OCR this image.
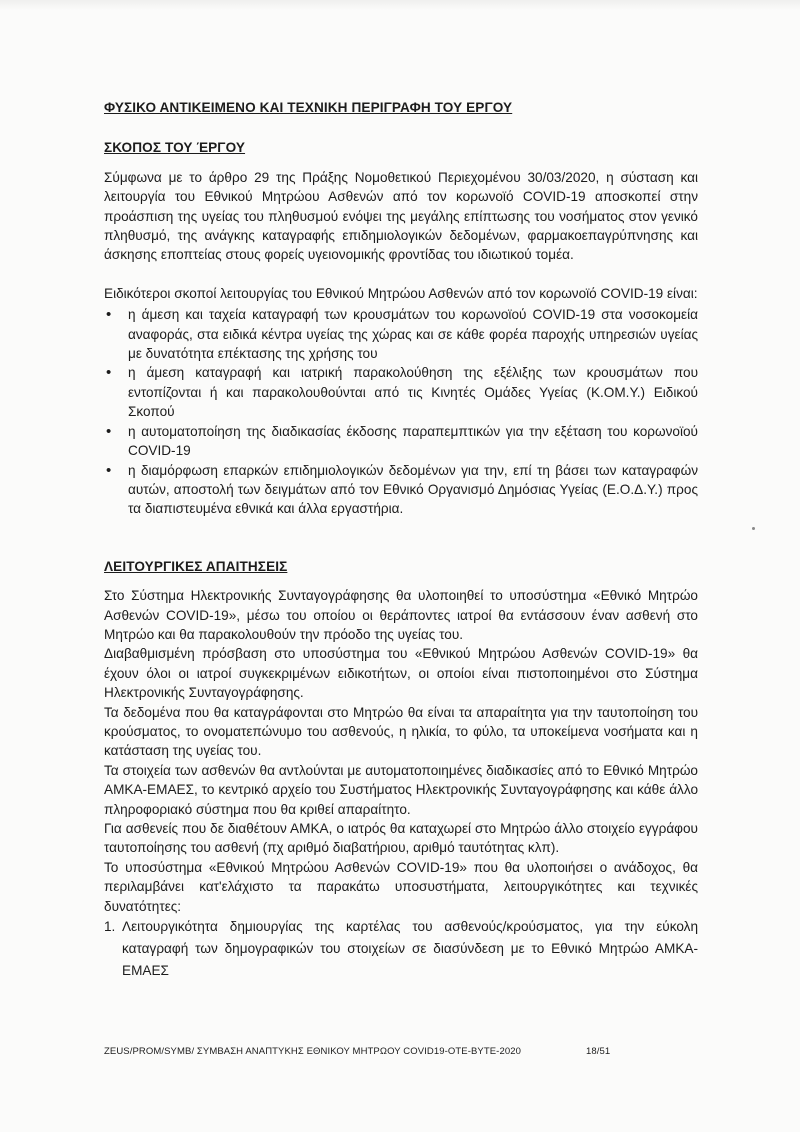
ΦΥΣΙΚΟ ΑΝΤΙΚΕΙΜΕΝΟ ΚΑΙ ΤΕΧΝΙΚΗ ΠΕΡΙΓΡΑΦΗ ΤΟΥ ΕΡΓΟΥ
ΣΚΟΠΟΣ ΤΟΥ ΈΡΓΟΥ

Σύμφωνα με το άρθρο 29 της Πράξης Νομοθετικού Περιεχομένου 30/03/2020, η σύσταση και λειτουργία του Εθνικού Μητρώου Ασθενών από τον κορωνοϊό COVID-19 αποσκοπεί στην προάσπιση της υγείας του πληθυσμού ενόψει της μεγάλης επίπτωσης του νοσήματος στον γενικό πληθυσμό, της ανάγκης καταγραφής επιδημιολογικών δεδομένων, φαρμακοεπαγρύπνησης και άσκησης εποπτείας στους φορείς υγειονομικής φροντίδας του ιδιωτικού τομέα.

Ειδικότεροι σκοποί λειτουργίας του Εθνικού Μητρώου Ασθενών από τον κορωνοϊό COVID-19 είναι:

• η άμεση και ταχεία καταγραφή των κρουσμάτων του κορωνοϊού COVID-19 στα νοσοκομεία αναφοράς, στα ειδικά κέντρα υγείας της χώρας και σε κάθε φορέα παροχής υπηρεσιών υγείας με δυνατότητα επέκτασης της χρήσης του
• η άμεση καταγραφή και ιατρική παρακολούθηση της εξέλιξης των κρουσμάτων που εντοπίζονται ή και παρακολουθούνται από τις Κινητές Ομάδες Υγείας (Κ.ΟΜ.Υ.) Ειδικού Σκοπού
• η αυτοματοποίηση της διαδικασίας έκδοσης παραπεμπτικών για την εξέταση του κορωνοϊού COVID-19
• η διαμόρφωση επαρκών επιδημιολογικών δεδομένων για την, επί τη βάσει των καταγραφών αυτών, αποστολή των δειγμάτων από τον Εθνικό Οργανισμό Δημόσιας Υγείας (Ε.Ο.Δ.Υ.) προς τα διαπιστευμένα εθνικά και άλλα εργαστήρια.
ΛΕΙΤΟΥΡΓΙΚΕΣ ΑΠΑΙΤΗΣΕΙΣ

Στο Σύστημα Ηλεκτρονικής Συνταγογράφησης θα υλοποιηθεί το υποσύστημα «Εθνικό Μητρώο Ασθενών COVID-19», μέσω του οποίου οι θεράποντες ιατροί θα εντάσσουν έναν ασθενή στο Μητρώο και θα παρακολουθούν την πρόοδο της υγείας του.

Διαβαθμισμένη πρόσβαση στο υποσύστημα του «Εθνικού Μητρώου Ασθενών COVID-19» θα έχουν όλοι οι ιατροί συγκεκριμένων ειδικοτήτων, οι οποίοι είναι πιστοποιημένοι στο Σύστημα Ηλεκτρονικής Συνταγογράφησης.

Τα δεδομένα που θα καταγράφονται στο Μητρώο θα είναι τα απαραίτητα για την ταυτοποίηση του κρούσματος, το ονοματεπώνυμο του ασθενούς, η ηλικία, το φύλο, τα υποκείμενα νοσήματα και η κατάσταση της υγείας του.

Τα στοιχεία των ασθενών θα αντλούνται με αυτοματοποιημένες διαδικασίες από το Εθνικό Μητρώο ΑΜΚΑ-ΕΜΑΕΣ, το κεντρικό αρχείο του Συστήματος Ηλεκτρονικής Συνταγογράφησης και κάθε άλλο πληροφοριακό σύστημα που θα κριθεί απαραίτητο.

Για ασθενείς που δε διαθέτουν ΑΜΚΑ, ο ιατρός θα καταχωρεί στο Μητρώο άλλο στοιχείο εγγράφου ταυτοποίησης του ασθενή (πχ αριθμό διαβατήριου, αριθμό ταυτότητας κλπ).

Το υποσύστημα «Εθνικού Μητρώου Ασθενών COVID-19» που θα υλοποιήσει ο ανάδοχος, θα περιλαμβάνει κατ'ελάχιστο τα παρακάτω υποσυστήματα, λειτουργικότητες και τεχνικές δυνατότητες:

1. Λειτουργικότητα δημιουργίας της καρτέλας του ασθενούς/κρούσματος, για την εύκολη καταγραφή των δημογραφικών του στοιχείων σε διασύνδεση με το Εθνικό Μητρώο ΑΜΚΑ-ΕΜΑΕΣ
ZEUS/PROM/SYMB/ ΣΥΜΒΑΣΗ ΑΝΑΠΤΥΚΗΣ ΕΘΝΙΚΟΥ ΜΗΤΡΩΟΥ COVID19-OTE-BYTE-2020	18/51
